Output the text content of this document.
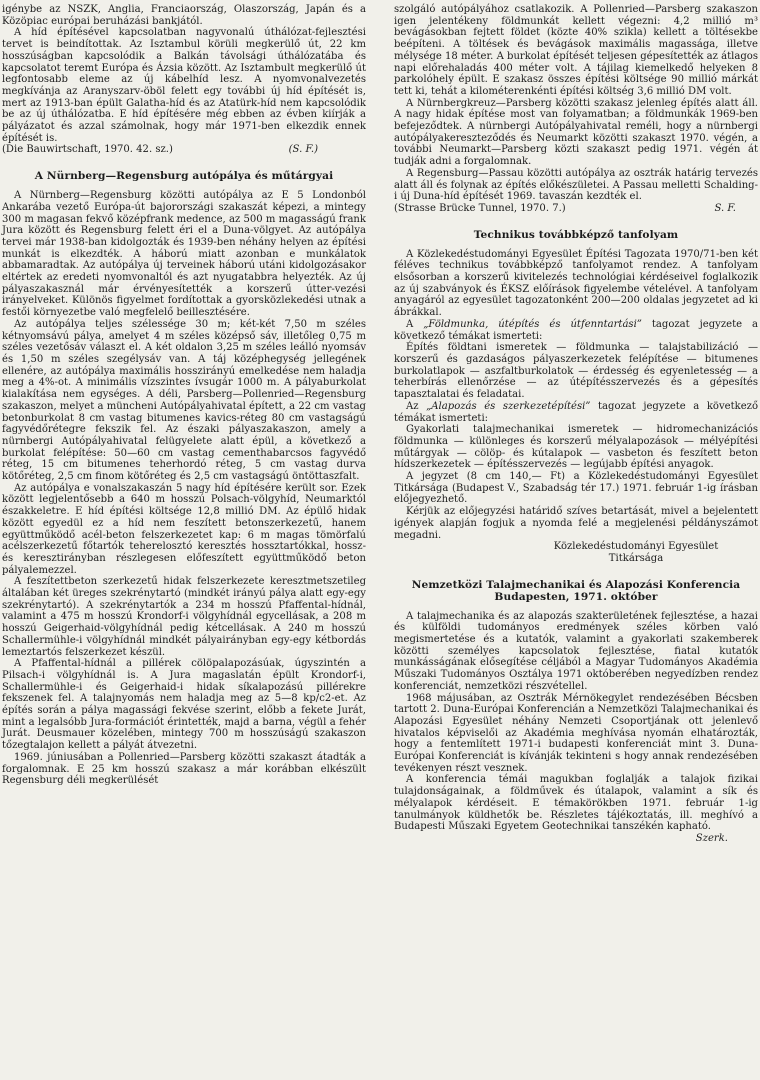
igénybe az NSZK, Anglia, Franciaország, Olaszország, Japán és a Közöpiac európai beruházási bankjától.

A híd építésével kapcsolatban nagyvonalú úthálózat-fejlesztési tervet is beindítottak. Az Isztambul körüli megkerülő út, 22 km hosszúságban kapcsolódik a Balkán távolsági úthálózatába és kapcsolatot teremt Európa és Ázsia között. Az Isztambult megkerülő út legfontosabb eleme az új kábelhíd lesz. A nyomvonalvezetés megkívánja az Aranyszarv-öböl felett egy további új híd építését is, mert az 1913-ban épült Galatha-híd és az Atatürk-híd nem kapcsolódik be az új úthálózatba. E híd építésére még ebben az évben kiírják a pályázatot és azzal számolnak, hogy már 1971-ben elkezdik ennek építését is.

(Die Bauwirtschaft, 1970. 42. sz.)	(S. F.)
A Nürnberg—Regensburg autópálya és műtárgyai

A Nürnberg—Regensburg közötti autópálya az E 5 Londonból Ankarába vezető Európa-út bajorországi szakaszát képezi, a mintegy 300 m magasan fekvő középfrank medence, az 500 m magasságú frank Jura között és Regensburg felett éri el a Duna-völgyet. Az autópálya tervei már 1938-ban kidolgozták és 1939-ben néhány helyen az építési munkát is elkezdték. A háború miatt azonban e munkálatok abbamaradtak. Az autópálya új terveinek háború utáni kidolgozásakor eltértek az eredeti nyomvonaltól és azt nyugatabbra helyezték. Az új pályaszakasznál már érvényesítették a korszerű útter-vezési irányelveket. Különös figyelmet fordítottak a gyorsközlekedési utnak a festői környezetbe való megfelelő beillesztésére.

Az autópálya teljes szélessége 30 m; két-két 7,50 m széles kétnyomsávú pálya, amelyet 4 m széles középső sáv, illetőleg 0,75 m széles vezetősáv választ el. A két oldalon 3,25 m széles leálló nyomsáv és 1,50 m széles szegélysáv van. A táj középhegység jellegének ellenére, az autópálya maximális hosszirányú emelkedése nem haladja meg a 4%-ot. A minimális vízszintes ívsugár 1000 m. A pályaburkolat kialakítása nem egységes. A déli, Parsberg—Pollenried—Regensburg szakaszon, melyet a müncheni Autópályahivatal épített, a 22 cm vastag betonburkolat 8 cm vastag bitumenes kavics-réteg 80 cm vastagságú fagyvédőrétegre fekszik fel. Az északi pályaszakaszon, amely a nürnbergi Autópályahivatal felügyelete alatt épül, a következő a burkolat felépítése: 50—60 cm vastag cementhabarcsos fagyvédő réteg, 15 cm bitumenes teherhordó réteg, 5 cm vastag durva kötőréteg, 2,5 cm finom kötőréteg és 2,5 cm vastagságú öntöttaszfalt.

Az autópálya e vonalszakaszán 5 nagy híd építésére került sor. Ezek között legjelentősebb a 640 m hosszú Polsach-völgyhíd, Neumarktól északkeletre. E híd építési költsége 12,8 millió DM. Az épülő hidak között egyedül ez a híd nem feszített betonszerkezetű, hanem együttműködő acél-beton felszerkezetet kap: 6 m magas tömörfalú acélszerkezetű főtartók teherelosztó keresztés hossztartókkal, hossz- és keresztirányban részlegesen előfeszített együttműködő beton pályalemezzel.

A feszítettbeton szerkezetű hidak felszerkezete keresztmetszetileg általában két üreges szekrénytartó (mindkét irányú pálya alatt egy-egy szekrénytartó). A szekrénytartók a 234 m hosszú Pfaffental-hídnál, valamint a 475 m hosszú Krondorf-i völgyhídnál egycellásak, a 208 m hosszú Geigerhaid-völgyhídnál pedig kétcellásak. A 240 m hosszú Schallermühle-i völgyhídnál mindkét pályairányban egy-egy kétbordás lemeztartós felszerkezet készül.

A Pfaffental-hídnál a pillérek cölöpalapozásúak, úgyszintén a Pilsach-i völgyhídnál is. A Jura magaslatán épült Krondorf-i, Schallermühle-i és Geigerhaid-i hidak síkalapozású pillérekre fekszenek fel. A talajnyomás nem haladja meg az 5—8 kp/c2-et. Az építés során a pálya magassági fekvése szerint, előbb a fekete Jurát, mint a legalsóbb Jura-formációt érintették, majd a barna, végül a fehér Jurát. Deusmauer közelében, mintegy 700 m hosszúságú szakaszon tőzegtalajon kellett a pályát átvezetni.

1969. júniusában a Pollenried—Parsberg közötti szakaszt átadták a forgalomnak. E 25 km hosszú szakasz a már korábban elkészült Regensburg déli megkerülését

szolgáló autópályához csatlakozik. A Pollenried—Parsberg szakaszon igen jelentékeny földmunkát kellett végezni: 4,2 millió m³ bevágásokban fejtett földet (közte 40% szikla) kellett a töltésekbe beépíteni. A töltések és bevágások maximális magassága, illetve mélysége 18 méter. A burkolat építését teljesen gépesítették az átlagos napi előrehaladás 400 méter volt. A tájilag kiemelkedő helyeken 8 parkolóhely épült. E szakasz összes építési költsége 90 millió márkát tett ki, tehát a kilométerenkénti építési költség 3,6 millió DM volt.

A Nürnbergkreuz—Parsberg közötti szakasz jelenleg építés alatt áll. A nagy hidak építése most van folyamatban; a földmunkák 1969-ben befejeződtek. A nürnbergi Autópályahivatal reméli, hogy a nürnbergi autópályakereszteződés és Neumarkt közötti szakaszt 1970. végén, a további Neumarkt—Parsberg közti szakaszt pedig 1971. végén át tudják adni a forgalomnak.

A Regensburg—Passau közötti autópálya az osztrák határig tervezés alatt áll és folynak az építés előkészületei. A Passau melletti Schalding-i új Duna-híd építését 1969. tavaszán kezdték el.

(Strasse Brücke Tunnel, 1970. 7.)	S. F.
Technikus továbbképző tanfolyam

A Közlekedéstudományi Egyesület Építési Tagozata 1970/71-ben két féléves technikus továbbképző tanfolyamot rendez. A tanfolyam elsősorban a korszerű kivitelezés technológiai kérdéseivel foglalkozik az új szabványok és ÉKSZ előírások figyelembe vételével. A tanfolyam anyagáról az egyesület tagozatonként 200—200 oldalas jegyzetet ad ki ábrákkal.

A „Földmunka, útépítés és útfenntartási” tagozat jegyzete a következő témákat ismerteti:

Építés földtani ismeretek — földmunka — talajstabilizáció — korszerű és gazdaságos pályaszerkezetek felépítése — bitumenes burkolatlapok — aszfaltburkolatok — érdesség és egyenletesség — a teherbírás ellenőrzése — az útépítésszervezés és a gépesítés tapasztalatai és feladatai.

Az „Alapozás és szerkezetépítési” tagozat jegyzete a következő témákat ismerteti:

Gyakorlati talajmechanikai ismeretek — hidromechanizációs földmunka — különleges és korszerű mélyalapozások — mélyépítési műtárgyak — cölöp- és kútalapok — vasbeton és feszített beton hídszerkezetek — építésszervezés — legújabb építési anyagok.

A jegyzet (8 cm 140,— Ft) a Közlekedéstudományi Egyesület Titkársága (Budapest V., Szabadság tér 17.) 1971. február 1-ig írásban előjegyezhető.

Kérjük az előjegyzési határidő szíves betartását, mivel a bejelentett igények alapján fogjuk a nyomda felé a megjelenési példányszámot megadni.

Közlekedéstudományi Egyesület
Titkársága
Nemzetközi Talajmechanikai és Alapozási Konferencia
Budapesten, 1971. október

A talajmechanika és az alapozás szakterületének fejlesztése, a hazai és külföldi tudományos eredmények széles körben való megismertetése és a kutatók, valamint a gyakorlati szakemberek közötti személyes kapcsolatok fejlesztése, fiatal kutatók munkásságának elősegítése céljából a Magyar Tudományos Akadémia Műszaki Tudományos Osztálya 1971 októberében negyedízben rendez konferenciát, nemzetközi részvétellel.

1968 májusában, az Osztrák Mérnökegylet rendezésében Bécsben tartott 2. Duna-Európai Konferencián a Nemzetközi Talajmechanikai és Alapozási Egyesület néhány Nemzeti Csoportjának ott jelenlevő hivatalos képviselői az Akadémia meghívása nyomán elhatározták, hogy a fentemlített 1971-i budapesti konferenciát mint 3. Duna-Európai Konferenciát is kívánják tekinteni s hogy annak rendezésében tevékenyen részt vesznek.

A konferencia témái magukban foglalják a talajok fizikai tulajdonságainak, a földművek és útalapok, valamint a sík és mélyalapok kérdéseit. E témakörökben 1971. február 1-ig tanulmányok küldhetők be. Részletes tájékoztatás, ill. meghívó a Budapesti Műszaki Egyetem Geotechnikai tanszékén kapható.

Szerk.
